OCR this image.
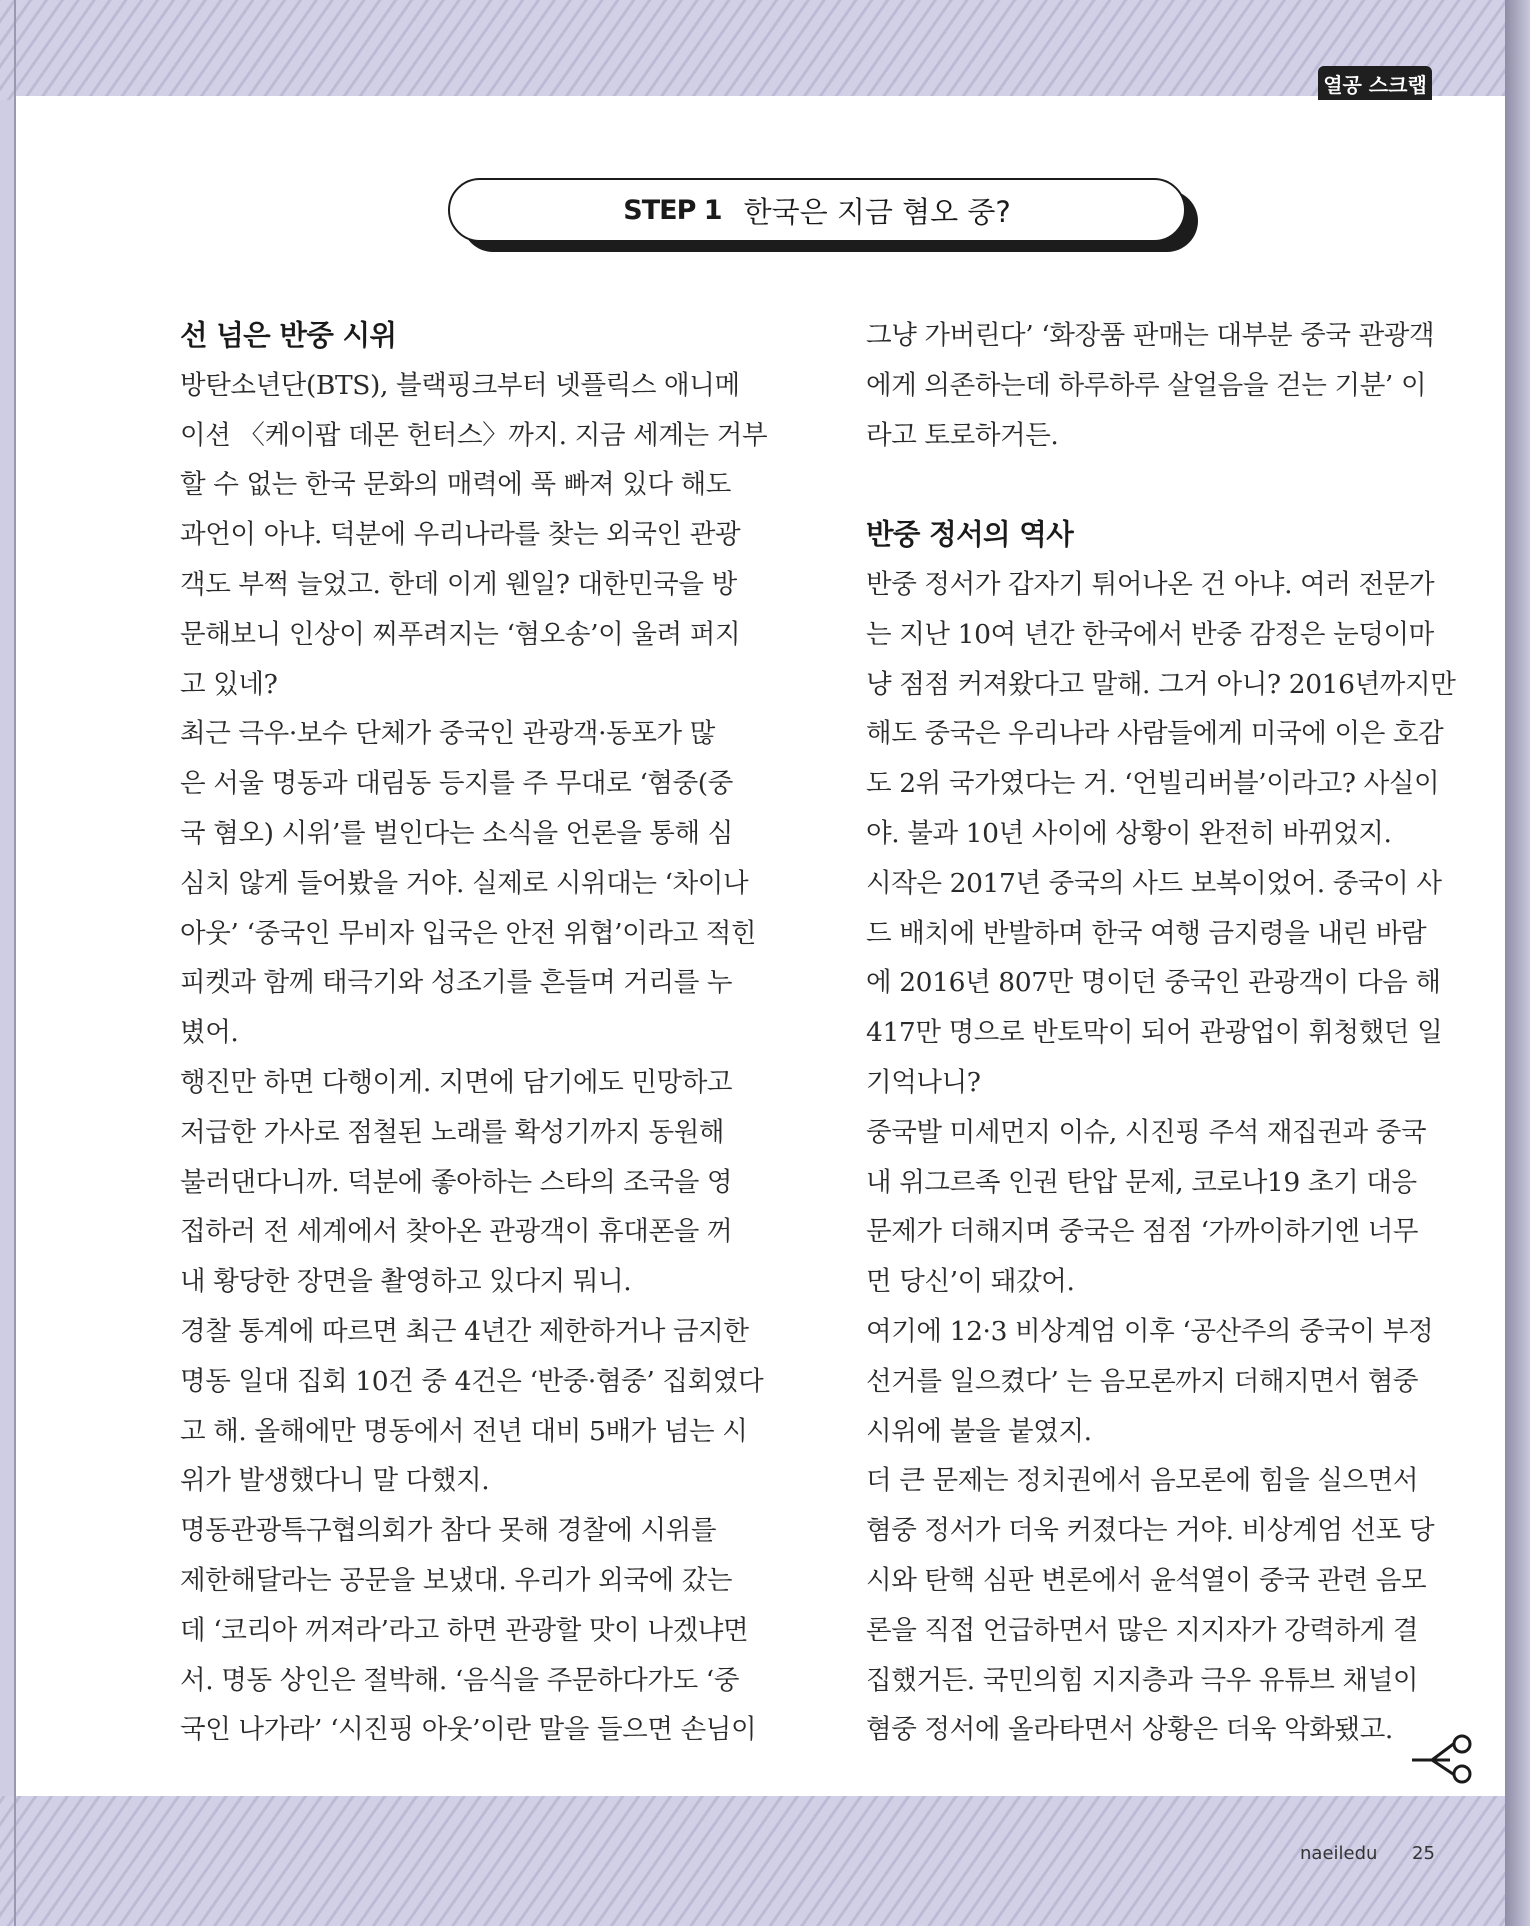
열공 스크랩
STEP 1 한국은 지금 혐오 중?
선 넘은 반중 시위
방탄소년단(BTS), 블랙핑크부터 넷플릭스 애니메
이션 〈케이팝 데몬 헌터스〉까지. 지금 세계는 거부
할 수 없는 한국 문화의 매력에 푹 빠져 있다 해도
과언이 아냐. 덕분에 우리나라를 찾는 외국인 관광
객도 부쩍 늘었고. 한데 이게 웬일? 대한민국을 방
문해보니 인상이 찌푸려지는 ‘혐오송’이 울려 퍼지
고 있네?
최근 극우·보수 단체가 중국인 관광객·동포가 많
은 서울 명동과 대림동 등지를 주 무대로 ‘혐중(중
국 혐오) 시위’를 벌인다는 소식을 언론을 통해 심
심치 않게 들어봤을 거야. 실제로 시위대는 ‘차이나
아웃’ ‘중국인 무비자 입국은 안전 위협’이라고 적힌
피켓과 함께 태극기와 성조기를 흔들며 거리를 누
볐어.
행진만 하면 다행이게. 지면에 담기에도 민망하고
저급한 가사로 점철된 노래를 확성기까지 동원해
불러댄다니까. 덕분에 좋아하는 스타의 조국을 영
접하러 전 세계에서 찾아온 관광객이 휴대폰을 꺼
내 황당한 장면을 촬영하고 있다지 뭐니.
경찰 통계에 따르면 최근 4년간 제한하거나 금지한
명동 일대 집회 10건 중 4건은 ‘반중·혐중’ 집회였다
고 해. 올해에만 명동에서 전년 대비 5배가 넘는 시
위가 발생했다니 말 다했지.
명동관광특구협의회가 참다 못해 경찰에 시위를
제한해달라는 공문을 보냈대. 우리가 외국에 갔는
데 ‘코리아 꺼져라’라고 하면 관광할 맛이 나겠냐면
서. 명동 상인은 절박해. ‘음식을 주문하다가도 ‘중
국인 나가라’ ‘시진핑 아웃’이란 말을 들으면 손님이
그냥 가버린다’ ‘화장품 판매는 대부분 중국 관광객
에게 의존하는데 하루하루 살얼음을 걷는 기분’ 이
라고 토로하거든.
반중 정서의 역사
반중 정서가 갑자기 튀어나온 건 아냐. 여러 전문가
는 지난 10여 년간 한국에서 반중 감정은 눈덩이마
냥 점점 커져왔다고 말해. 그거 아니? 2016년까지만
해도 중국은 우리나라 사람들에게 미국에 이은 호감
도 2위 국가였다는 거. ‘언빌리버블’이라고? 사실이
야. 불과 10년 사이에 상황이 완전히 바뀌었지.
시작은 2017년 중국의 사드 보복이었어. 중국이 사
드 배치에 반발하며 한국 여행 금지령을 내린 바람
에 2016년 807만 명이던 중국인 관광객이 다음 해
417만 명으로 반토막이 되어 관광업이 휘청했던 일
기억나니?
중국발 미세먼지 이슈, 시진핑 주석 재집권과 중국
내 위그르족 인권 탄압 문제, 코로나19 초기 대응
문제가 더해지며 중국은 점점 ‘가까이하기엔 너무
먼 당신’이 돼갔어.
여기에 12·3 비상계엄 이후 ‘공산주의 중국이 부정
선거를 일으켰다’ 는 음모론까지 더해지면서 혐중
시위에 불을 붙였지.
더 큰 문제는 정치권에서 음모론에 힘을 실으면서
혐중 정서가 더욱 커졌다는 거야. 비상계엄 선포 당
시와 탄핵 심판 변론에서 윤석열이 중국 관련 음모
론을 직접 언급하면서 많은 지지자가 강력하게 결
집했거든. 국민의힘 지지층과 극우 유튜브 채널이
혐중 정서에 올라타면서 상황은 더욱 악화됐고.
naeiledu 25
